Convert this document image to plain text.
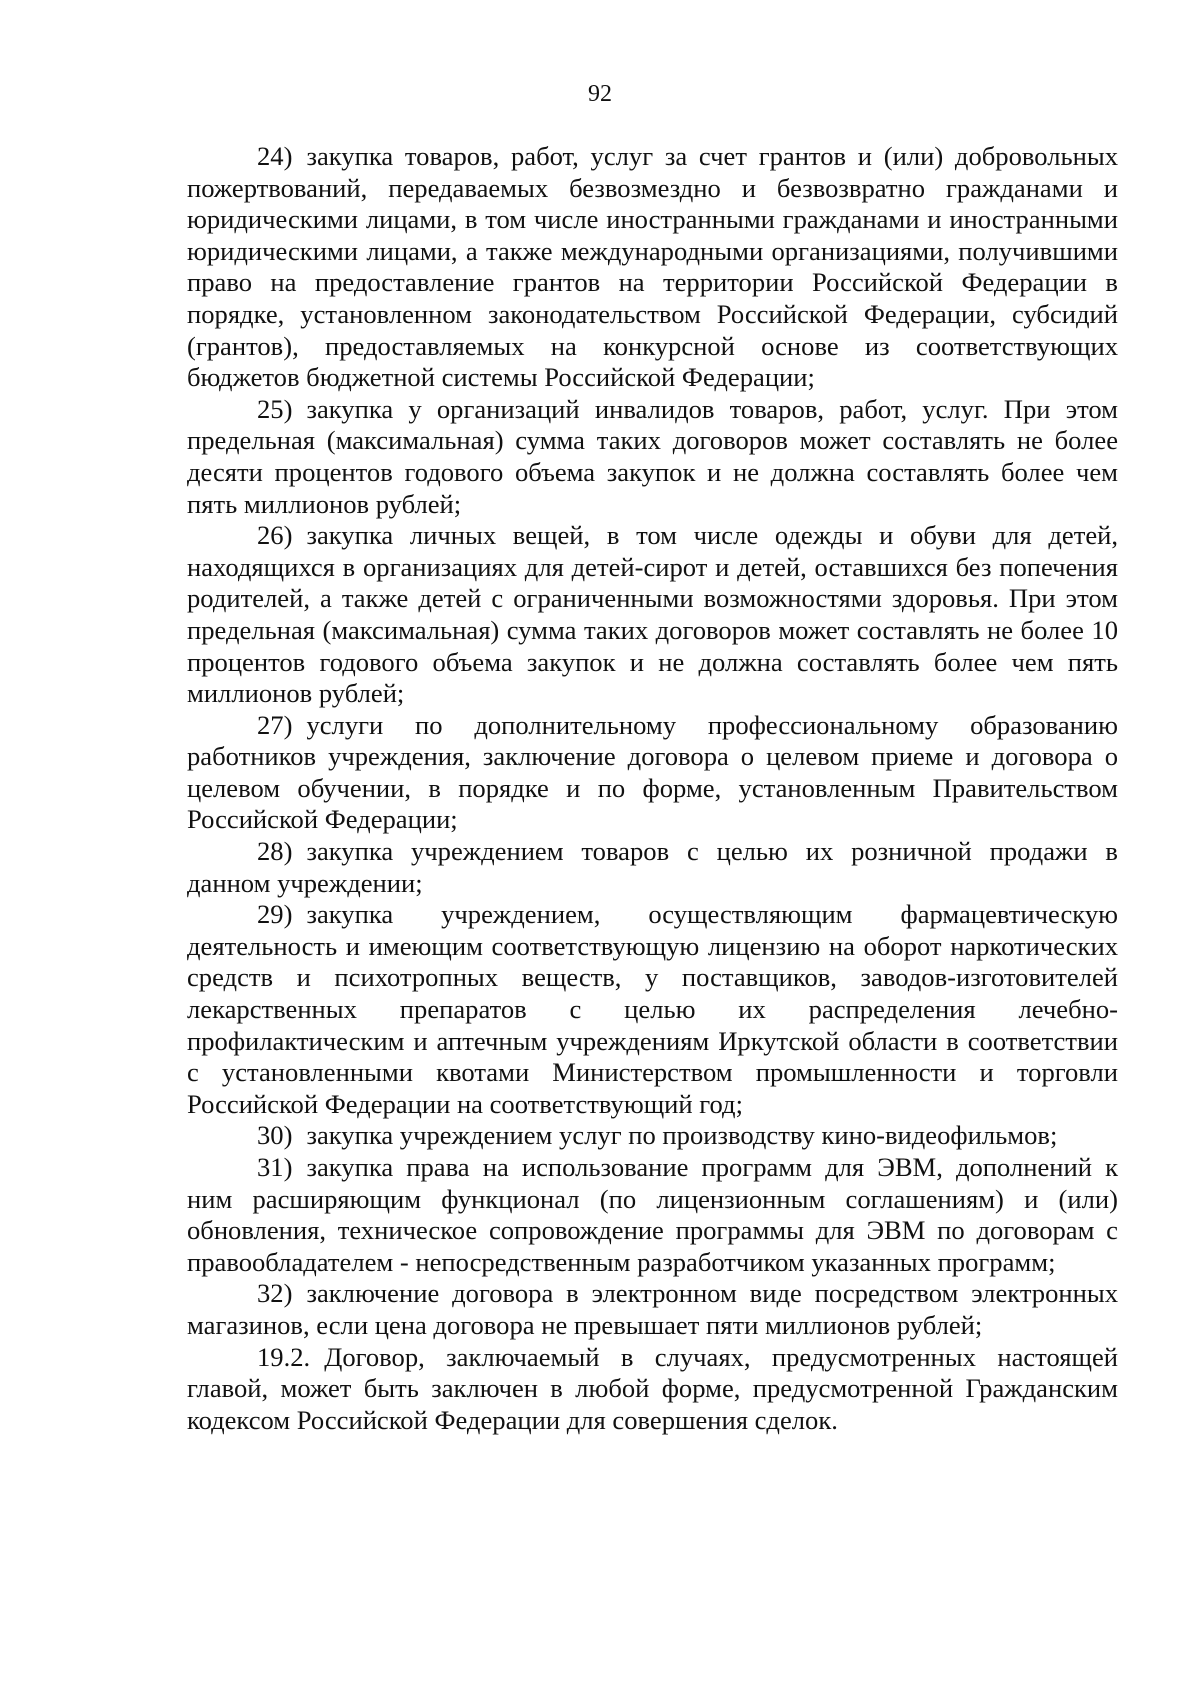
92

24) закупка товаров, работ, услуг за счет грантов и (или) добровольных пожертвований, передаваемых безвозмездно и безвозвратно гражданами и юридическими лицами, в том числе иностранными гражданами и иностранными юридическими лицами, а также международными организациями, получившими право на предоставление грантов на территории Российской Федерации в порядке, установленном законодательством Российской Федерации, субсидий (грантов), предоставляемых на конкурсной основе из соответствующих бюджетов бюджетной системы Российской Федерации;

25) закупка у организаций инвалидов товаров, работ, услуг. При этом предельная (максимальная) сумма таких договоров может составлять не более десяти процентов годового объема закупок и не должна составлять более чем пять миллионов рублей;

26) закупка личных вещей, в том числе одежды и обуви для детей, находящихся в организациях для детей-сирот и детей, оставшихся без попечения родителей, а также детей с ограниченными возможностями здоровья. При этом предельная (максимальная) сумма таких договоров может составлять не более 10 процентов годового объема закупок и не должна составлять более чем пять миллионов рублей;

27) услуги по дополнительному профессиональному образованию работников учреждения, заключение договора о целевом приеме и договора о целевом обучении, в порядке и по форме, установленным Правительством Российской Федерации;

28) закупка учреждением товаров с целью их розничной продажи в данном учреждении;

29) закупка учреждением, осуществляющим фармацевтическую деятельность и имеющим соответствующую лицензию на оборот наркотических средств и психотропных веществ, у поставщиков, заводов-изготовителей лекарственных препаратов с целью их распределения лечебно-профилактическим и аптечным учреждениям Иркутской области в соответствии с установленными квотами Министерством промышленности и торговли Российской Федерации на соответствующий год;

30) закупка учреждением услуг по производству кино-видеофильмов;

31) закупка права на использование программ для ЭВМ, дополнений к ним расширяющим функционал (по лицензионным соглашениям) и (или) обновления, техническое сопровождение программы для ЭВМ по договорам с правообладателем - непосредственным разработчиком указанных программ;

32) заключение договора в электронном виде посредством электронных магазинов, если цена договора не превышает пяти миллионов рублей;

19.2. Договор, заключаемый в случаях, предусмотренных настоящей главой, может быть заключен в любой форме, предусмотренной Гражданским кодексом Российской Федерации для совершения сделок.
